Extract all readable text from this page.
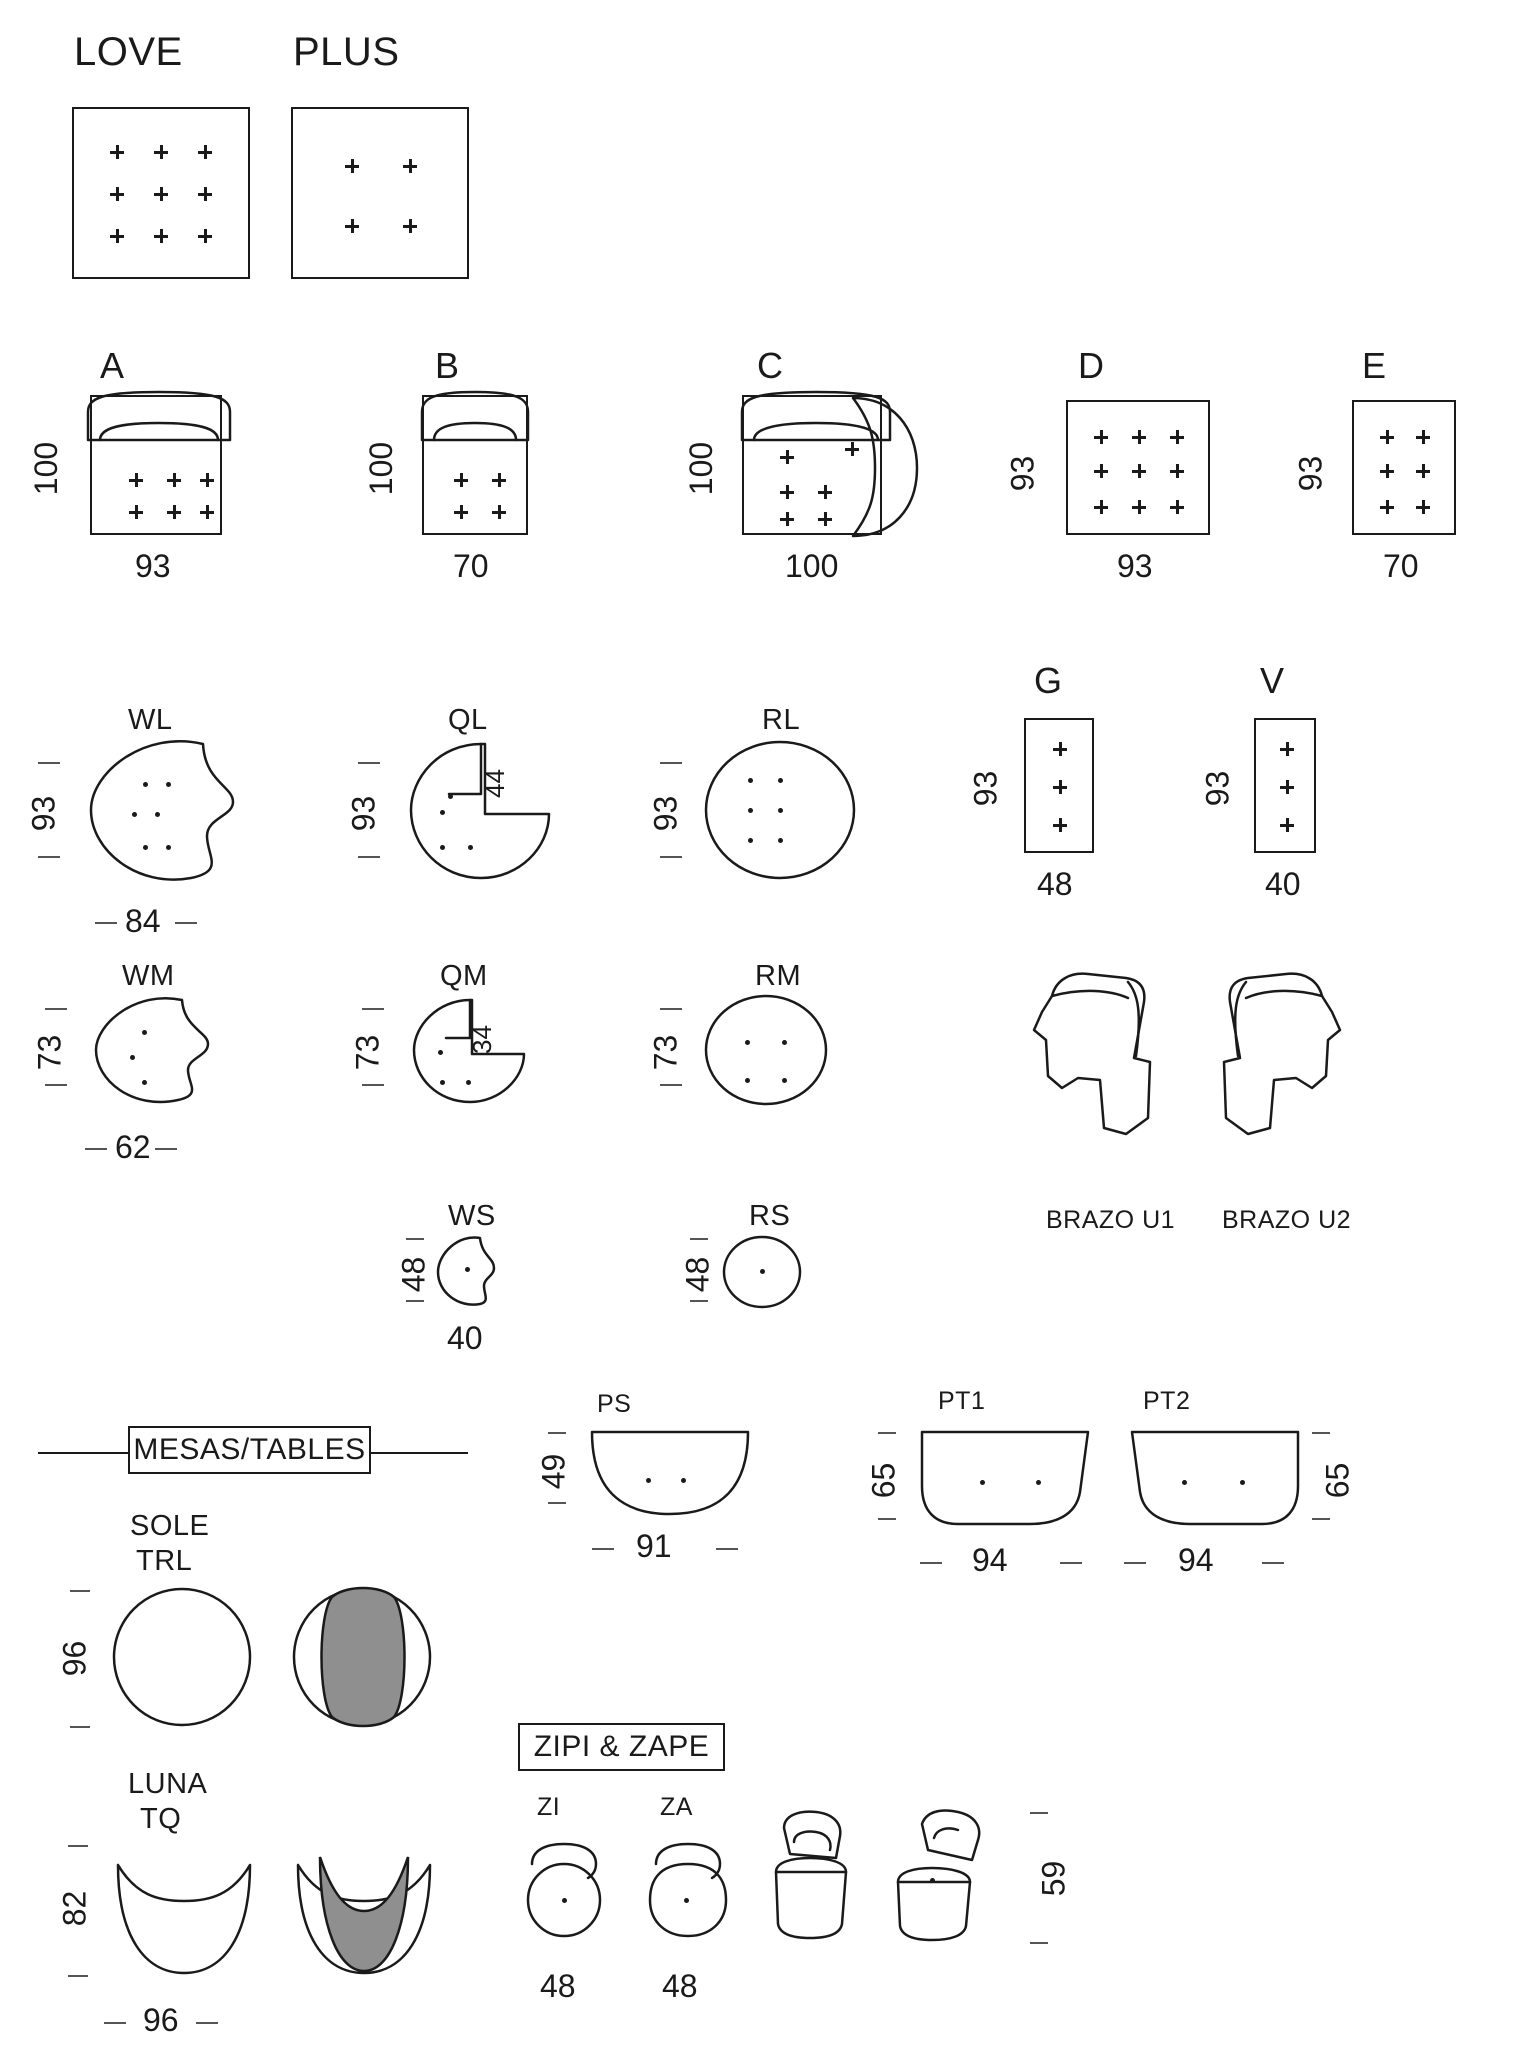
LOVE	PLUS
A
100
93
B
100
70
C
100
100
D
93
93
E
93
70
WL
93
84
QL
93
44
RL
93
G
93
48
V
93
40
WM
73
62
QM
73	34
RM
73
BRAZO U1 BRAZO U2
WS
48
40
RS
48
MESAS/TABLES
SOLE
TRL
96
LUNA
TQ
82
96
PS
49
91
PT1
65
94
PT2
65
94
ZIPI & ZAPE
ZI	ZA
48	48
59
